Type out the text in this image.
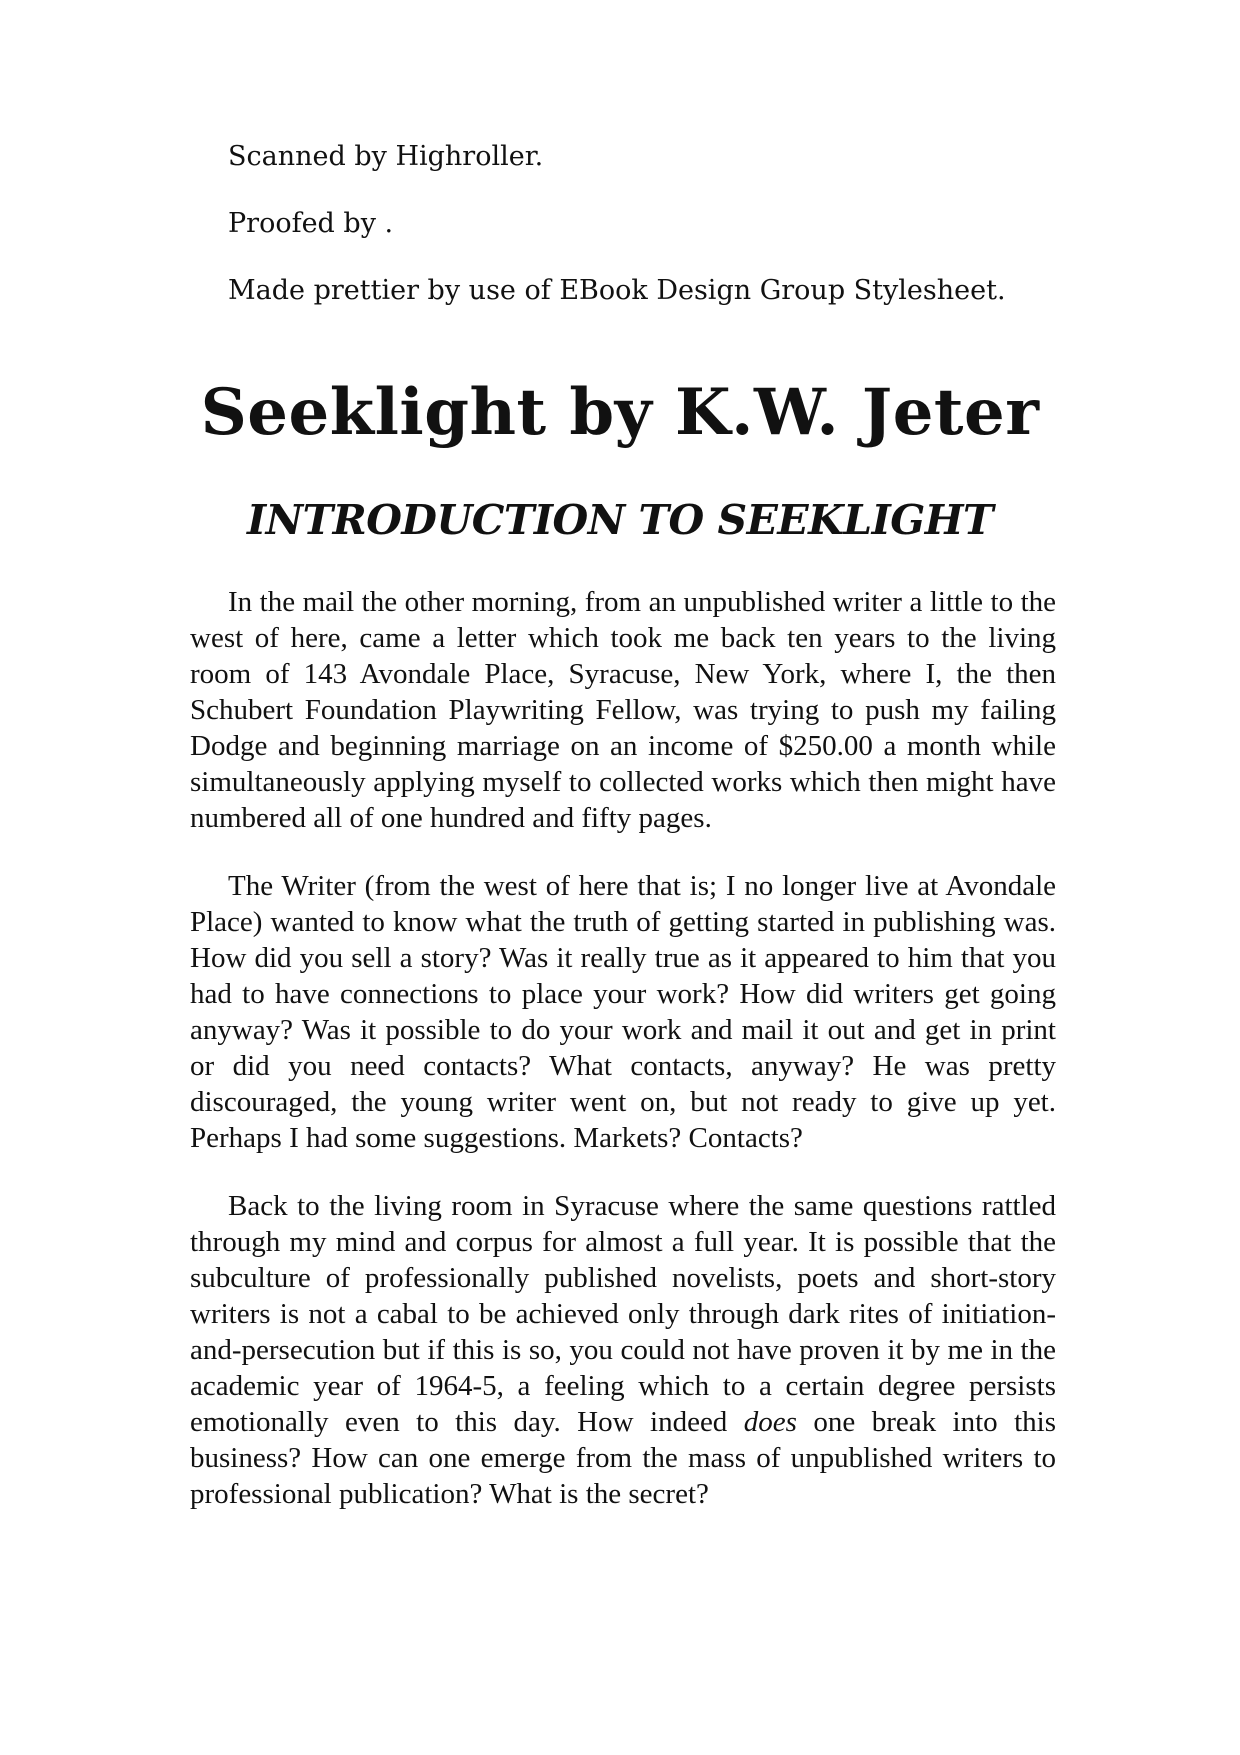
Scanned by Highroller.

Proofed by .

Made prettier by use of EBook Design Group Stylesheet.

Seeklight by K.W. Jeter
INTRODUCTION TO SEEKLIGHT

In the mail the other morning, from an unpublished writer a little to the west of here, came a letter which took me back ten years to the living room of 143 Avondale Place, Syracuse, New York, where I, the then Schubert Foundation Playwriting Fellow, was trying to push my failing Dodge and beginning marriage on an income of $250.00 a month while simultaneously applying myself to collected works which then might have numbered all of one hundred and fifty pages.

The Writer (from the west of here that is; I no longer live at Avondale Place) wanted to know what the truth of getting started in publishing was. How did you sell a story? Was it really true as it appeared to him that you had to have connections to place your work? How did writers get going anyway? Was it possible to do your work and mail it out and get in print or did you need contacts? What contacts, anyway? He was pretty discouraged, the young writer went on, but not ready to give up yet. Perhaps I had some suggestions. Markets? Contacts?

Back to the living room in Syracuse where the same questions rattled through my mind and corpus for almost a full year. It is possible that the subculture of professionally published novelists, poets and short-story writers is not a cabal to be achieved only through dark rites of initiation-and-persecution but if this is so, you could not have proven it by me in the academic year of 1964-5, a feeling which to a certain degree persists emotionally even to this day. How indeed does one break into this business? How can one emerge from the mass of unpublished writers to professional publication? What is the secret?
